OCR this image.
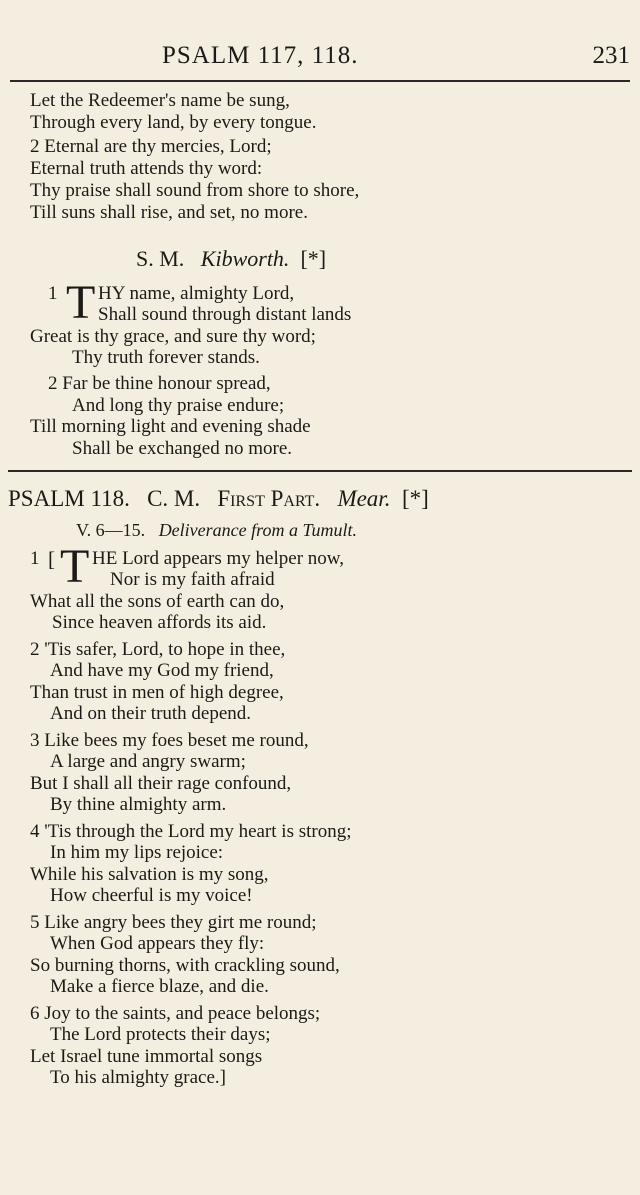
PSALM 117, 118.	231
Let the Redeemer's name be sung,
Through every land, by every tongue.
2 Eternal are thy mercies, Lord;
Eternal truth attends thy word:
Thy praise shall sound from shore to shore,
Till suns shall rise, and set, no more.
S. M. Kibworth. [*]
1 T HY name, almighty Lord,
Shall sound through distant lands
Great is thy grace, and sure thy word;
Thy truth forever stands.
2 Far be thine honour spread,
And long thy praise endure;
Till morning light and evening shade
Shall be exchanged no more.
PSALM 118. C. M. First Part. Mear. [*]
V. 6—15. Deliverance from a Tumult.
1 [ T HE Lord appears my helper now,
Nor is my faith afraid
What all the sons of earth can do,
Since heaven affords its aid.
2 'Tis safer, Lord, to hope in thee,
And have my God my friend,
Than trust in men of high degree,
And on their truth depend.
3 Like bees my foes beset me round,
A large and angry swarm;
But I shall all their rage confound,
By thine almighty arm.
4 'Tis through the Lord my heart is strong;
In him my lips rejoice:
While his salvation is my song,
How cheerful is my voice!
5 Like angry bees they girt me round;
When God appears they fly:
So burning thorns, with crackling sound,
Make a fierce blaze, and die.
6 Joy to the saints, and peace belongs;
The Lord protects their days;
Let Israel tune immortal songs
To his almighty grace.]
